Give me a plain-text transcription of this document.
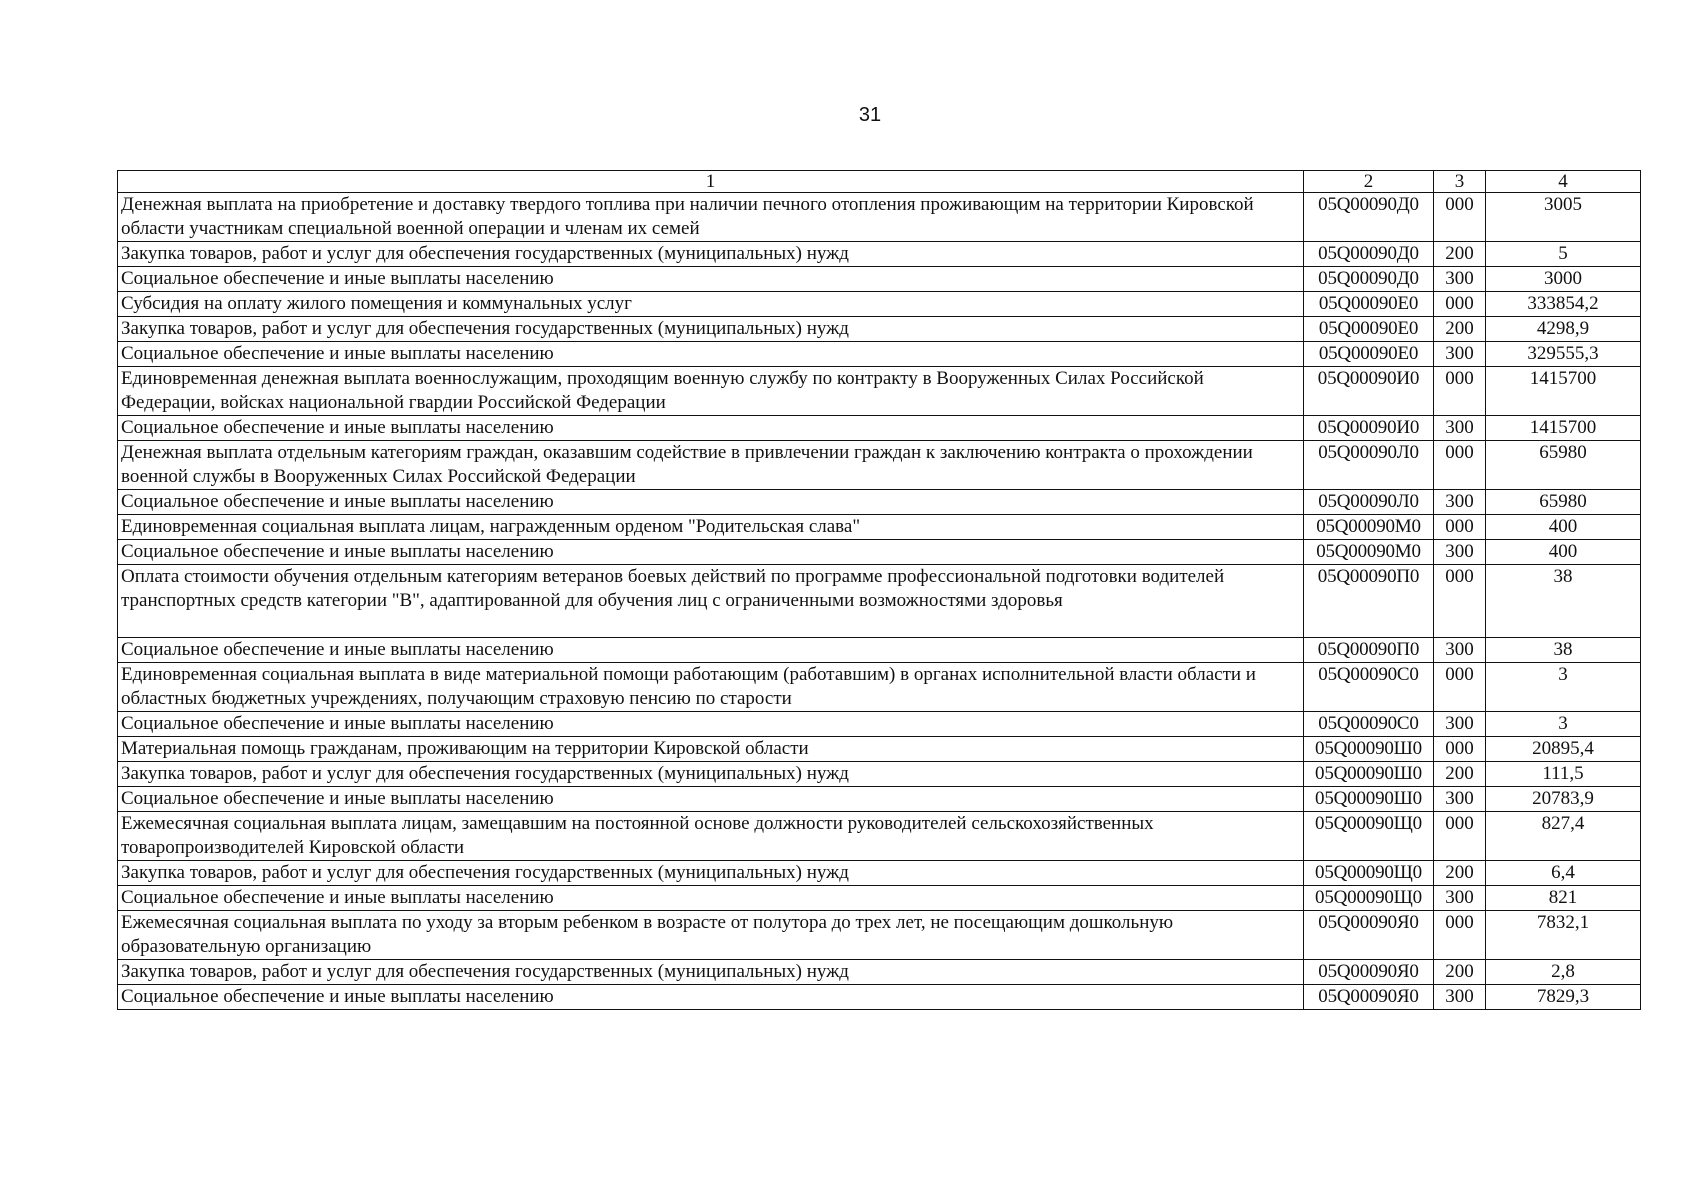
31
1	2	3	4
Денежная выплата на приобретение и доставку твердого топлива при наличии печного отопления проживающим на территории Кировской области участникам специальной военной операции и членам их семей	05Q00090Д0	000	3005
Закупка товаров, работ и услуг для обеспечения государственных (муниципальных) нужд	05Q00090Д0	200	5
Социальное обеспечение и иные выплаты населению	05Q00090Д0	300	3000
Субсидия на оплату жилого помещения и коммунальных услуг	05Q00090Е0	000	333854,2
Закупка товаров, работ и услуг для обеспечения государственных (муниципальных) нужд	05Q00090Е0	200	4298,9
Социальное обеспечение и иные выплаты населению	05Q00090Е0	300	329555,3
Единовременная денежная выплата военнослужащим, проходящим военную службу по контракту в Вооруженных Силах Российской Федерации, войсках национальной гвардии Российской Федерации	05Q00090И0	000	1415700
Социальное обеспечение и иные выплаты населению	05Q00090И0	300	1415700
Денежная выплата отдельным категориям граждан, оказавшим содействие в привлечении граждан к заключению контракта о прохождении военной службы в Вооруженных Силах Российской Федерации	05Q00090Л0	000	65980
Социальное обеспечение и иные выплаты населению	05Q00090Л0	300	65980
Единовременная социальная выплата лицам, награжденным орденом "Родительская слава"	05Q00090М0	000	400
Социальное обеспечение и иные выплаты населению	05Q00090М0	300	400
Оплата стоимости обучения отдельным категориям ветеранов боевых действий по программе профессиональной подготовки водителей транспортных средств категории "B", адаптированной для обучения лиц с ограниченными возможностями здоровья	05Q00090П0	000	38
Социальное обеспечение и иные выплаты населению	05Q00090П0	300	38
Единовременная социальная выплата в виде материальной помощи работающим (работавшим) в органах исполнительной власти области и областных бюджетных учреждениях, получающим страховую пенсию по старости	05Q00090С0	000	3
Социальное обеспечение и иные выплаты населению	05Q00090С0	300	3
Материальная помощь гражданам, проживающим на территории Кировской области	05Q00090Ш0	000	20895,4
Закупка товаров, работ и услуг для обеспечения государственных (муниципальных) нужд	05Q00090Ш0	200	111,5
Социальное обеспечение и иные выплаты населению	05Q00090Ш0	300	20783,9
Ежемесячная социальная выплата лицам, замещавшим на постоянной основе должности руководителей сельскохозяйственных товаропроизводителей Кировской области	05Q00090Щ0	000	827,4
Закупка товаров, работ и услуг для обеспечения государственных (муниципальных) нужд	05Q00090Щ0	200	6,4
Социальное обеспечение и иные выплаты населению	05Q00090Щ0	300	821
Ежемесячная социальная выплата по уходу за вторым ребенком в возрасте от полутора до трех лет, не посещающим дошкольную образовательную организацию	05Q00090Я0	000	7832,1
Закупка товаров, работ и услуг для обеспечения государственных (муниципальных) нужд	05Q00090Я0	200	2,8
Социальное обеспечение и иные выплаты населению	05Q00090Я0	300	7829,3
